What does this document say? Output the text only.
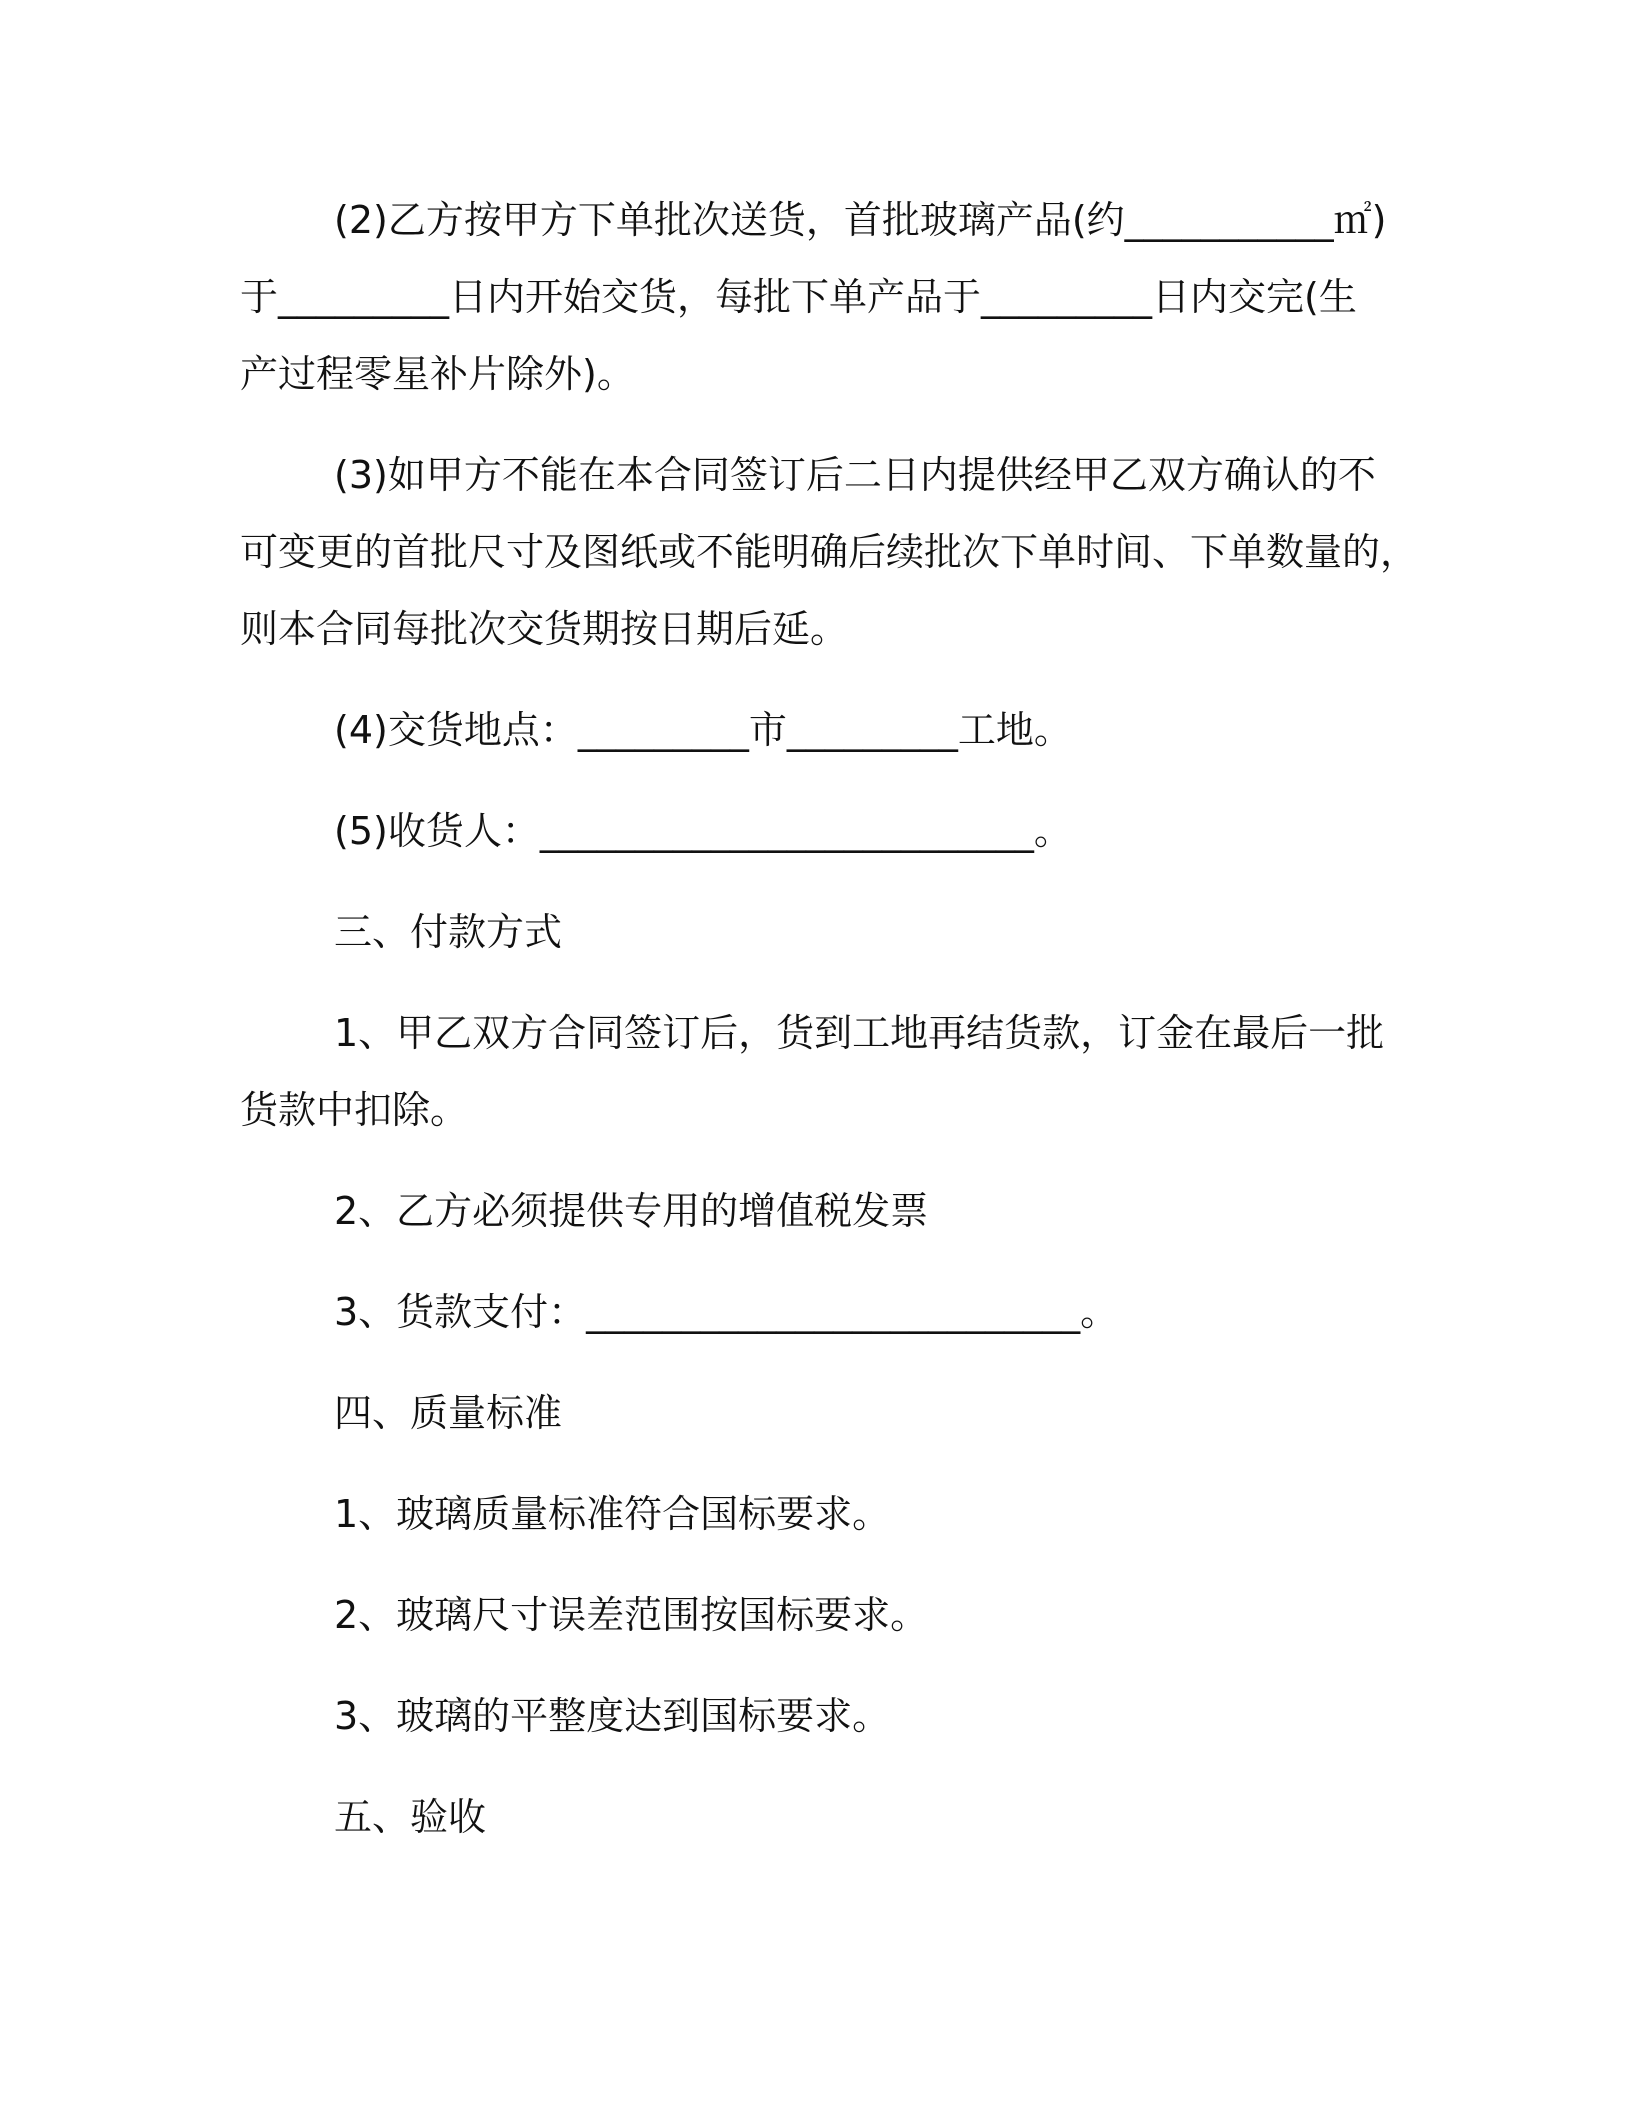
(2)乙方按甲方下单批次送货，首批玻璃产品(约___________㎡)
于_________日内开始交货，每批下单产品于_________日内交完(生
产过程零星补片除外)。
(3)如甲方不能在本合同签订后二日内提供经甲乙双方确认的不
可变更的首批尺寸及图纸或不能明确后续批次下单时间、下单数量的，
则本合同每批次交货期按日期后延。
(4)交货地点：_________市_________工地。
(5)收货人：__________________________。
三、付款方式
1、甲乙双方合同签订后，货到工地再结货款，订金在最后一批
货款中扣除。
2、乙方必须提供专用的增值税发票
3、货款支付：__________________________。
四、质量标准
1、玻璃质量标准符合国标要求。
2、玻璃尺寸误差范围按国标要求。
3、玻璃的平整度达到国标要求。
五、验收
